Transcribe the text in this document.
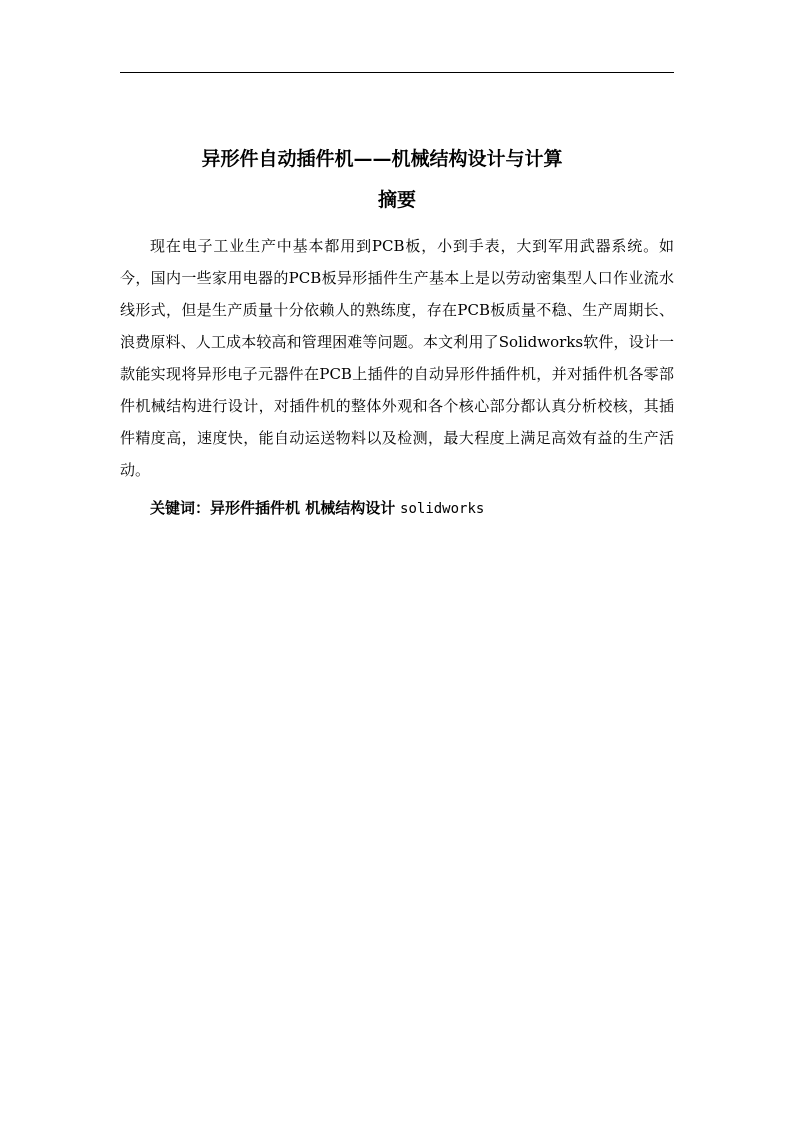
异形件自动插件机——机械结构设计与计算
摘要

现在电子工业生产中基本都用到PCB板，小到手表，大到军用武器系统。如今，国内一些家用电器的PCB板异形插件生产基本上是以劳动密集型人口作业流水线形式，但是生产质量十分依赖人的熟练度，存在PCB板质量不稳、生产周期长、浪费原料、人工成本较高和管理困难等问题。本文利用了Solidworks软件，设计一款能实现将异形电子元器件在PCB上插件的自动异形件插件机，并对插件机各零部件机械结构进行设计，对插件机的整体外观和各个核心部分都认真分析校核，其插件精度高，速度快，能自动运送物料以及检测，最大程度上满足高效有益的生产活动。

关键词：异形件插件机 机械结构设计 solidworks
